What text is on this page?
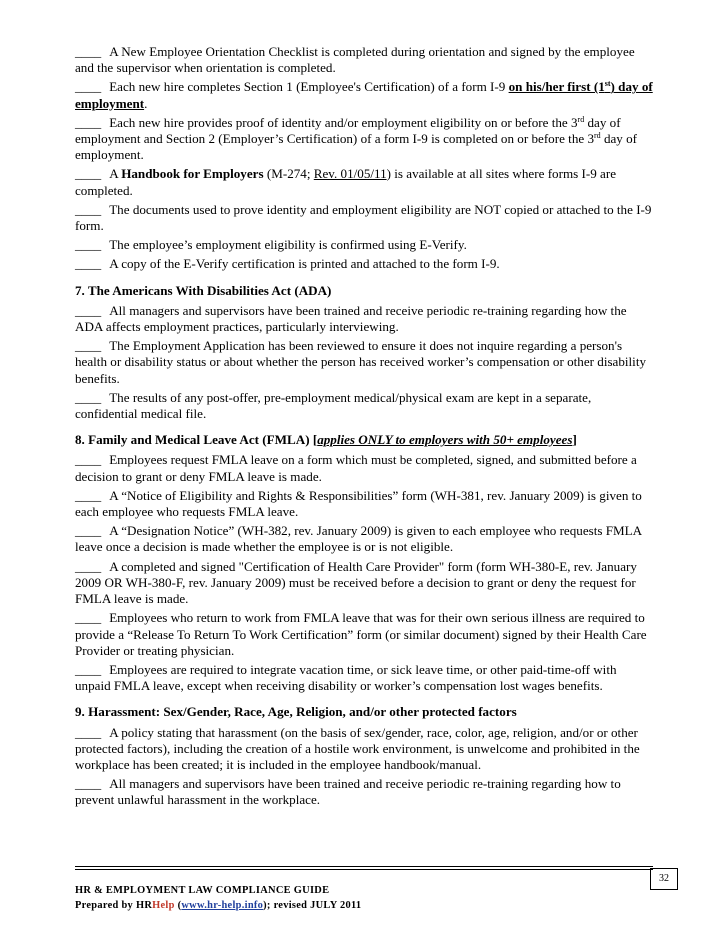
____ A New Employee Orientation Checklist is completed during orientation and signed by the employee and the supervisor when orientation is completed.

____ Each new hire completes Section 1 (Employee's Certification) of a form I-9 on his/her first (1st) day of employment.

____ Each new hire provides proof of identity and/or employment eligibility on or before the 3rd day of employment and Section 2 (Employer’s Certification) of a form I-9 is completed on or before the 3rd day of employment.

____ A Handbook for Employers (M-274; Rev. 01/05/11) is available at all sites where forms I-9 are completed.

____ The documents used to prove identity and employment eligibility are NOT copied or attached to the I-9 form.

____ The employee’s employment eligibility is confirmed using E-Verify.

____ A copy of the E-Verify certification is printed and attached to the form I-9.

7. The Americans With Disabilities Act (ADA)

____ All managers and supervisors have been trained and receive periodic re-training regarding how the ADA affects employment practices, particularly interviewing.

____ The Employment Application has been reviewed to ensure it does not inquire regarding a person's health or disability status or about whether the person has received worker’s compensation or other disability benefits.

____ The results of any post-offer, pre-employment medical/physical exam are kept in a separate, confidential medical file.

8. Family and Medical Leave Act (FMLA) [applies ONLY to employers with 50+ employees]

____ Employees request FMLA leave on a form which must be completed, signed, and submitted before a decision to grant or deny FMLA leave is made.

____ A “Notice of Eligibility and Rights & Responsibilities” form (WH-381, rev. January 2009) is given to each employee who requests FMLA leave.

____ A “Designation Notice” (WH-382, rev. January 2009) is given to each employee who requests FMLA leave once a decision is made whether the employee is or is not eligible.

____ A completed and signed "Certification of Health Care Provider" form (form WH-380-E, rev. January 2009 OR WH-380-F, rev. January 2009) must be received before a decision to grant or deny the request for FMLA leave is made.

____ Employees who return to work from FMLA leave that was for their own serious illness are required to provide a “Release To Return To Work Certification” form (or similar document) signed by their Health Care Provider or treating physician.

____ Employees are required to integrate vacation time, or sick leave time, or other paid-time-off with unpaid FMLA leave, except when receiving disability or worker’s compensation lost wages benefits.

9. Harassment: Sex/Gender, Race, Age, Religion, and/or other protected factors

____ A policy stating that harassment (on the basis of sex/gender, race, color, age, religion, and/or or other protected factors), including the creation of a hostile work environment, is unwelcome and prohibited in the workplace has been created; it is included in the employee handbook/manual.

____ All managers and supervisors have been trained and receive periodic re-training regarding how to prevent unlawful harassment in the workplace.

32
HR & EMPLOYMENT LAW COMPLIANCE GUIDE
Prepared by HRHelp (www.hr-help.info); revised JULY 2011
